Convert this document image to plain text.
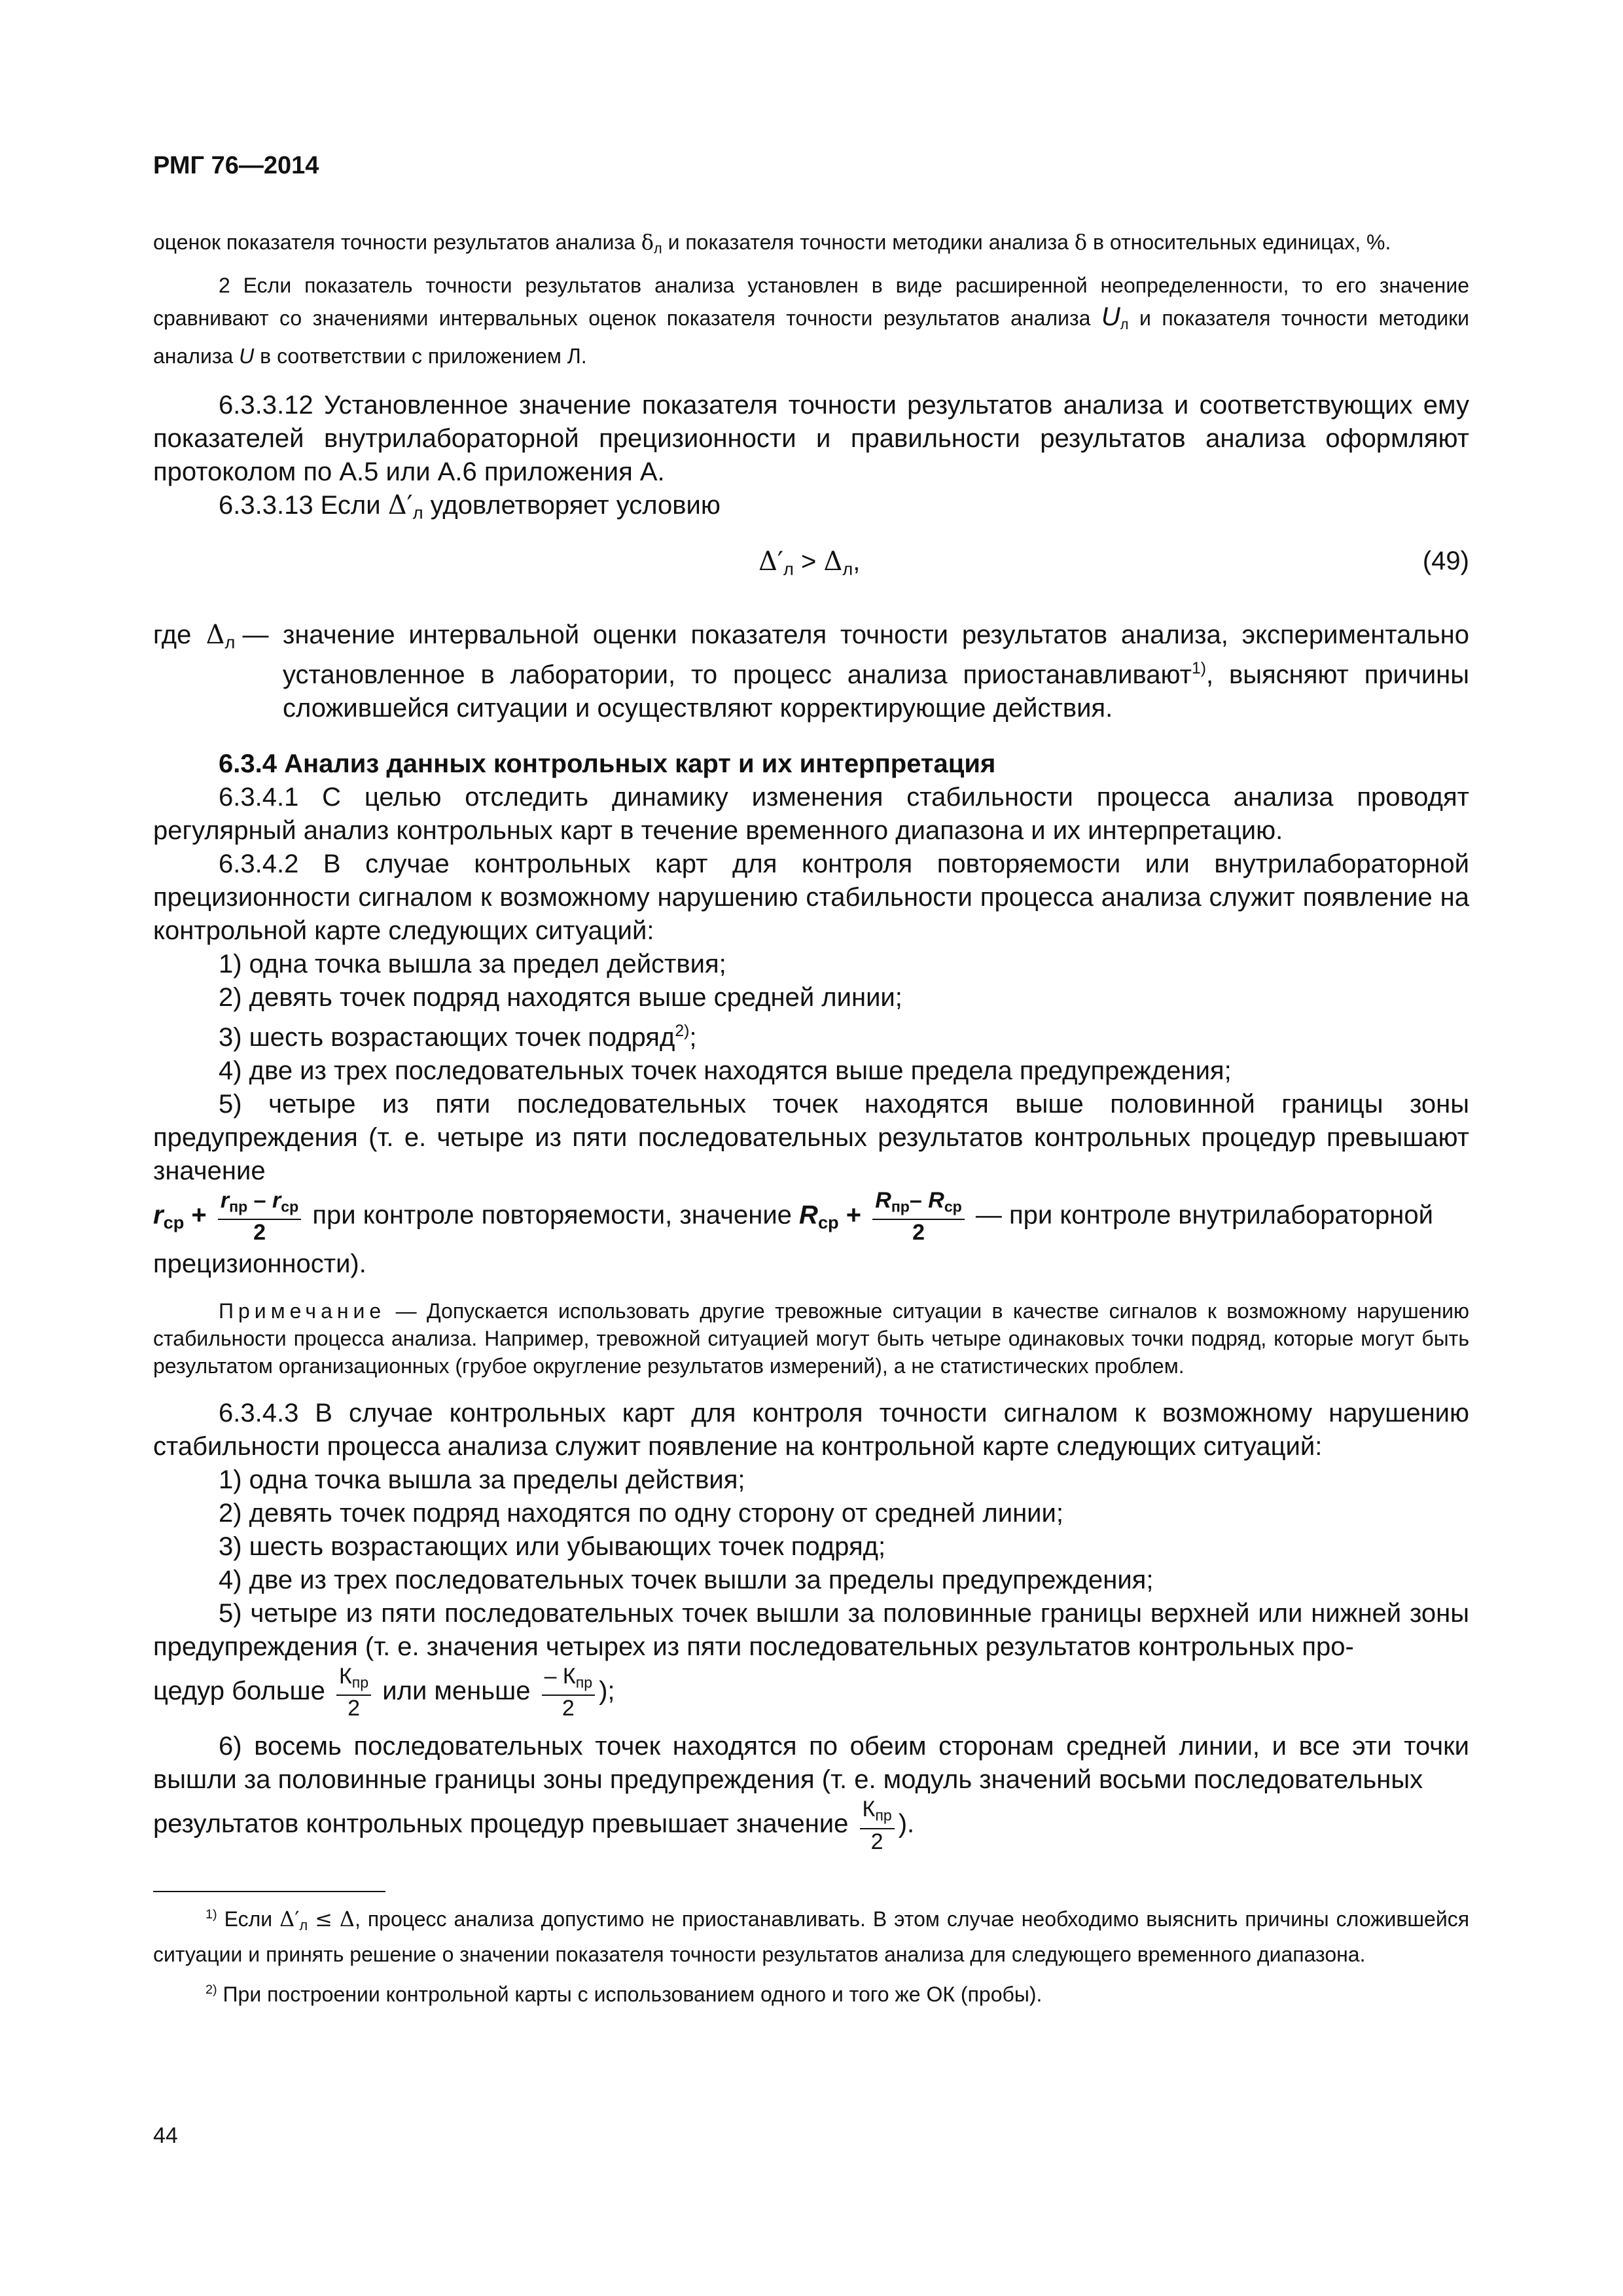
РМГ 76—2014

оценок показателя точности результатов анализа $\delta_л$ и показателя точности методики анализа δ в относительных единицах, %.

2 Если показатель точности результатов анализа установлен в виде расширенной неопределенности, то его значение сравнивают со значениями интервальных оценок показателя точности результатов анализа $U_л$ и показателя точности методики анализа U в соответствии с приложением Л.

6.3.3.12 Установленное значение показателя точности результатов анализа и соответствующих ему показателей внутрилабораторной прецизионности и правильности результатов анализа оформляют протоколом по А.5 или А.6 приложения А.

6.3.3.13 Если $\Delta'_л$ удовлетворяет условию

$\Delta'_л > \Delta_л$,	(49)
где $\Delta_л$ — значение интервальной оценки показателя точности результатов анализа, экспериментально установленное в лаборатории, то процесс анализа приостанавливают$^{1)}$, выясняют причины сложившейся ситуации и осуществляют корректирующие действия.

6.3.4 Анализ данных контрольных карт и их интерпретация

6.3.4.1 С целью отследить динамику изменения стабильности процесса анализа проводят регулярный анализ контрольных карт в течение временного диапазона и их интерпретацию.

6.3.4.2 В случае контрольных карт для контроля повторяемости или внутрилабораторной прецизионности сигналом к возможному нарушению стабильности процесса анализа служит появление на контрольной карте следующих ситуаций:

1) одна точка вышла за предел действия;

2) девять точек подряд находятся выше средней линии;

3) шесть возрастающих точек подряд$^{2)}$;

4) две из трех последовательных точек находятся выше предела предупреждения;

5) четыре из пяти последовательных точек находятся выше половинной границы зоны предупреждения (т. е. четыре из пяти последовательных результатов контрольных процедур превышают значение

$r_{ср} + \frac{r_{пр} - r_{ср}}{2}$ при контроле повторяемости, значение $R_{ср} + \frac{R_{пр}- R_{ср}}{2}$ — при контроле внутрилабораторной прецизионности).

Примечание — Допускается использовать другие тревожные ситуации в качестве сигналов к возможному нарушению стабильности процесса анализа. Например, тревожной ситуацией могут быть четыре одинаковых точки подряд, которые могут быть результатом организационных (грубое округление результатов измерений), а не статистических проблем.

6.3.4.3 В случае контрольных карт для контроля точности сигналом к возможному нарушению стабильности процесса анализа служит появление на контрольной карте следующих ситуаций:

1) одна точка вышла за пределы действия;

2) девять точек подряд находятся по одну сторону от средней линии;

3) шесть возрастающих или убывающих точек подряд;

4) две из трех последовательных точек вышли за пределы предупреждения;

5) четыре из пяти последовательных точек вышли за половинные границы верхней или нижней зоны предупреждения (т. е. значения четырех из пяти последовательных результатов контрольных про-

цедур больше $\frac{К_{пр}}{2}$ или меньше $\frac{- К_{пр}}{2}$ );

6) восемь последовательных точек находятся по обеим сторонам средней линии, и все эти точки вышли за половинные границы зоны предупреждения (т. е. модуль значений восьми последовательных

результатов контрольных процедур превышает значение $\frac{К_{пр}}{2}$ ).

$^{1)}$ Если $\Delta'_л \le \Delta$, процесс анализа допустимо не приостанавливать. В этом случае необходимо выяснить причины сложившейся ситуации и принять решение о значении показателя точности результатов анализа для следующего временного диапазона.

$^{2)}$ При построении контрольной карты с использованием одного и того же ОК (пробы).

44
